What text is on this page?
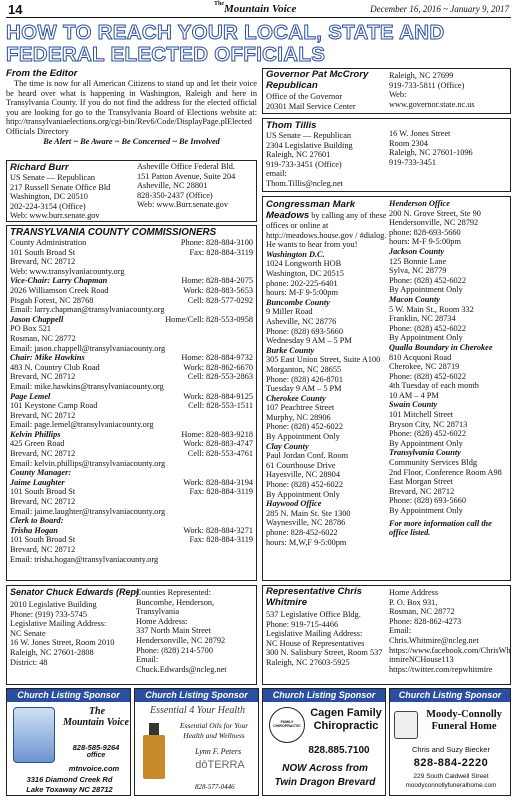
14	The Mountain Voice	December 16, 2016 ~ January 9, 2017
HOW TO REACH YOUR LOCAL, STATE AND
FEDERAL ELECTED OFFICIALS
From the Editor
The time is now for all American Citizens to stand up and let their voice be heard over what is happening in Washington, Raleigh and here in Transylvania County. If you do not find the address for the elected official you are looking for go to the Transylvania Board of Elections website at: http://transylvaniaelections.org/cgi-bin/Rev6/Code/DisplayPage.plElected Officials Directory
Be Alert ~ Be Aware ~ Be Concerned ~ Be Involved
Richard Burr
US Senate — Republican
217 Russell Senate Office Bld
Washington, DC 20510
202-224-3154 (Office)
Web: www.burr.senate.gov
Asheville Office Federal Bld.
151 Patton Avenue, Suite 204
Asheville, NC 28801
828-350-2437 (Office)
Web: www.Burr.senate.gov
TRANSYLVANIA COUNTY COMMISSIONERS
County Administration	Phone: 828-884-3100
101 South Broad St	Fax: 828-884-3119
Brevard, NC 28712
Web: www.transylvaniacounty.org
Vice-Chair: Larry Chapman	Home: 828-884-2075
2026 Williamson Creek Road	Work: 828-883-5653
Pisgah Forest, NC 28768	Cell: 828-577-0292
Email: larry.chapman@transylvaniacounty.org
Jason Chappell	Home/Cell: 828-553-0958
PO Box 521
Rosman, NC 28772
Email: jason.chappell@transylvaniacounty.org
Chair: Mike Hawkins	Home: 828-884-9732
483 N. Country Club Road	Work: 828-862-6670
Brevard, NC 28712	Cell: 828-553-2863
Email: mike.hawkins@transylvaniacounty.org
Page Lemel	Work: 828-884-9125
101 Keystone Camp Road	Cell: 828-553-1511
Brevard, NC 28712
Email: page.lemel@transylvaniacounty.org
Kelvin Phillips	Home: 828-883-9218
425 Green Road	Work: 828-883-4747
Brevard, NC 28712	Cell: 828-553-4761
Email: kelvin.phillips@transylvaniacounty.org
County Manager:
Jaime Laughter	Work: 828-884-3194
101 South Broad St	Fax: 828-884-3119
Brevard, NC 28712
Email: jaime.laughter@transylvaniacounty.org
Clerk to Board:
Trisha Hogan	Work: 828-884-3271
101 South Broad St	Fax: 828-884-3119
Brevard, NC 28712
Email: trisha.hogan@transylvaniacounty.org
Governor Pat McCrory Republican
Office of the Governor
20301 Mail Service Center
Raleigh, NC 27699
919-733-5811 (Office)
Web:
www.governor.state.nc.us
Thom Tillis
US Senate — Republican
2304 Legislative Building
Raleigh, NC 27601
919-733-3451 (Office)
email:
Thom.Tillis@ncleg.net
16 W. Jones Street
Room 2304
Raleigh, NC 27601-1096
919-733-3451
Congressman Mark Meadows by calling any of these offices or online at http://meadows.house.gov / #dialog. He wants to hear from you!
Washington D.C.
1024 Longworth HOB
Washington, DC 20515
phone: 202-225-6401
hours: M-F 9-5:00pm
Buncombe County
9 Miller Road
Asheville, NC 28776
Phone: (828) 693-5660
Wednesday 9 AM – 5 PM
Burke County
305 East Union Street, Suite A100
Morganton, NC 28655
Phone: (828) 426-8701
Tuesday 9 AM – 5 PM
Cherokee County
107 Peachtree Street
Murphy, NC 28906
Phone: (828) 452-6022
By Appointment Only
Clay County
Paul Jordan Conf. Room
61 Courthouse Drive
Hayesville, NC 28904
Phone: (828) 452-6022
By Appointment Only
Haywood Office
285 N. Main St. Ste 1300
Waynesville, NC 28786
phone: 828-452-6022
hours: M,W,F 9-5:00pm
Henderson Office
200 N. Grove Street, Ste 90
Hendersonville, NC 28792
phone: 828-693-5660
hours: M-F 9-5:00pm
Jackson County
125 Bonnie Lane
Sylva, NC 28779
Phone: (828) 452-6022
By Appointment Only
Macon County
5 W. Main St., Room 332
Franklin, NC 28734
Phone: (828) 452-6022
By Appointment Only
Qualla Boundary in Cherokee
810 Acquoni Road
Cherokee, NC 28719
Phone: (828) 452-6022
4th Tuesday of each month
10 AM – 4 PM
Swain County
101 Mitchell Street
Bryson City, NC 28713
Phone: (828) 452-6022
By Appointment Only
Transylvania County
Community Services Bldg
2nd Floor, Conference Room A98
East Morgan Street
Brevard, NC 28712
Phone: (828) 693-5660
By Appointment Only
For more information call the office listed.
Senator Chuck Edwards (Rep)
2010 Legislative Building
Phone: (919) 733-5745
Legislative Mailing Address:
NC Senate
16 W. Jones Street, Room 2010
Raleigh, NC 27601-2808
District: 48
Counties Represented:
Buncombe, Henderson, Transylvania
Home Address:
337 North Main Street
Hendersonville, NC 28792
Phone: (828) 214-5700
Email:
Chuck.Edwards@ncleg.net
Representative Chris Whitmire
537 Legislative Office Bldg.
Phone: 919-715-4466
Legislative Mailing Address:
NC House of Representatives
300 N. Salisbury Street, Room 537
Raleigh, NC 27603-5925
Home Address
P. O. Box 931,
Rosman, NC 28772
Phone: 828-862-4273
Email:
Chris.Whitmire@ncleg.net
https://www.facebook.com/ChrisWhitmireNCHouse113
https://twitter.com/repwhitmire
Church Listing Sponsor
The
Mountain Voice
828-585-9264
office
mtnvoice.com
3316 Diamond Creek Rd
Lake Toxaway NC 28712
Church Listing Sponsor
Essential 4 Your Health
Essential Oils for Your Health and Wellness
Lynn F. Peters
dōTERRA
828-577-0446
Church Listing Sponsor
FAMILY CHIROPRACTIC
Cagen Family Chiropractic
828.885.7100
NOW Across from
Twin Dragon Brevard
Church Listing Sponsor
Moody-Connolly Funeral Home
Chris and Suzy Biecker
828-884-2220
229 South Caldwell Street
moodyconnollyfuneralhome.com
